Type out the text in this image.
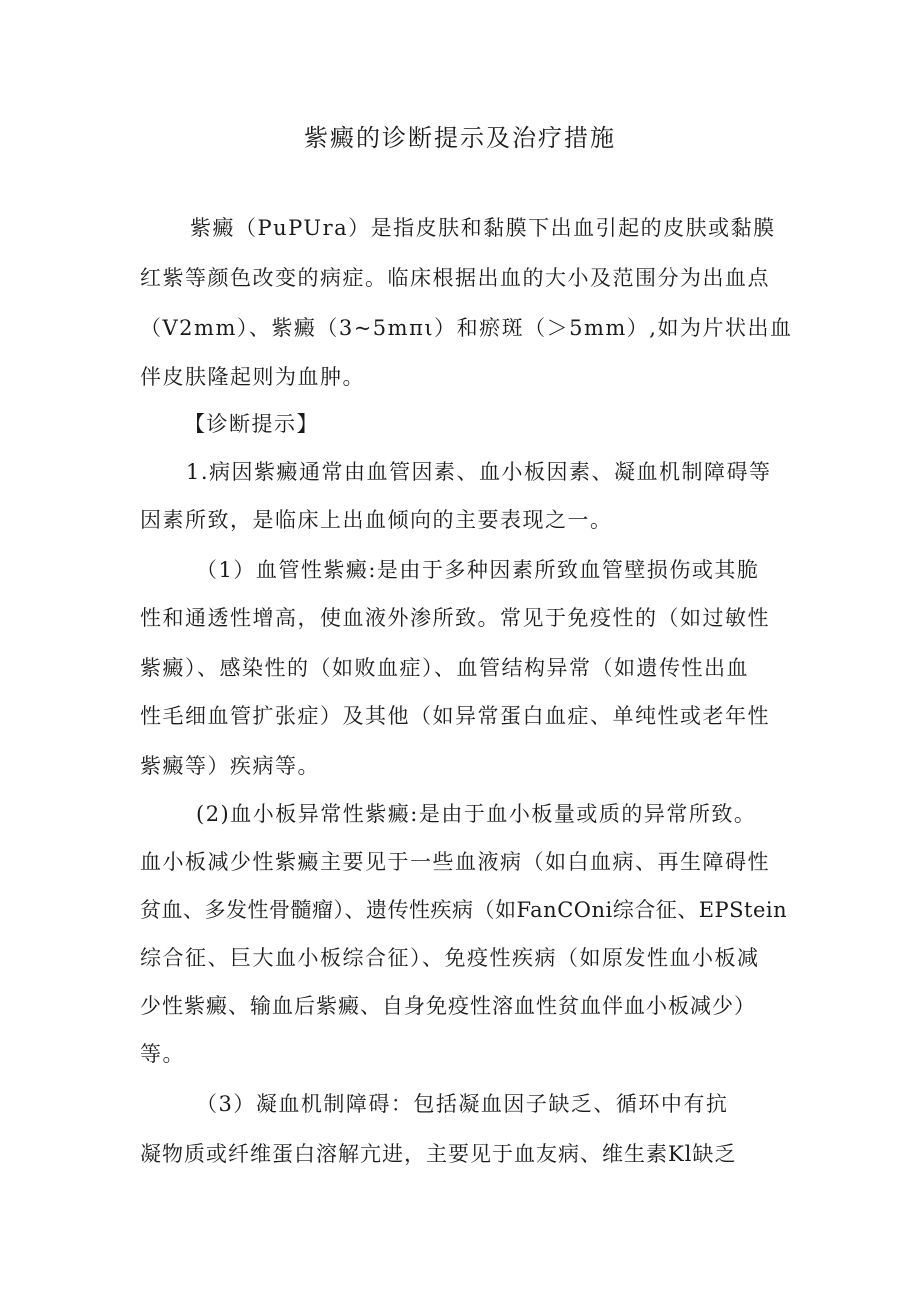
紫癜的诊断提示及治疗措施
紫癜（PuPUra）是指皮肤和黏膜下出血引起的皮肤或黏膜
红紫等颜色改变的病症。临床根据出血的大小及范围分为出血点
（V2mm）、紫癜（3~5mπι）和瘀斑（＞5mm）,如为片状出血
伴皮肤隆起则为血肿。
【诊断提示】
1.病因紫癜通常由血管因素、血小板因素、凝血机制障碍等
因素所致，是临床上出血倾向的主要表现之一。
（1）血管性紫癜:是由于多种因素所致血管壁损伤或其脆
性和通透性增高，使血液外渗所致。常见于免疫性的（如过敏性
紫癜）、感染性的（如败血症）、血管结构异常（如遗传性出血
性毛细血管扩张症）及其他（如异常蛋白血症、单纯性或老年性
紫癜等）疾病等。
(2)血小板异常性紫癜:是由于血小板量或质的异常所致。
血小板减少性紫癜主要见于一些血液病（如白血病、再生障碍性
贫血、多发性骨髓瘤）、遗传性疾病（如FanCOni综合征、EPStein
综合征、巨大血小板综合征）、免疫性疾病（如原发性血小板减
少性紫癜、输血后紫癜、自身免疫性溶血性贫血伴血小板减少）
等。
（3）凝血机制障碍：包括凝血因子缺乏、循环中有抗
凝物质或纤维蛋白溶解亢进，主要见于血友病、维生素Kl缺乏
